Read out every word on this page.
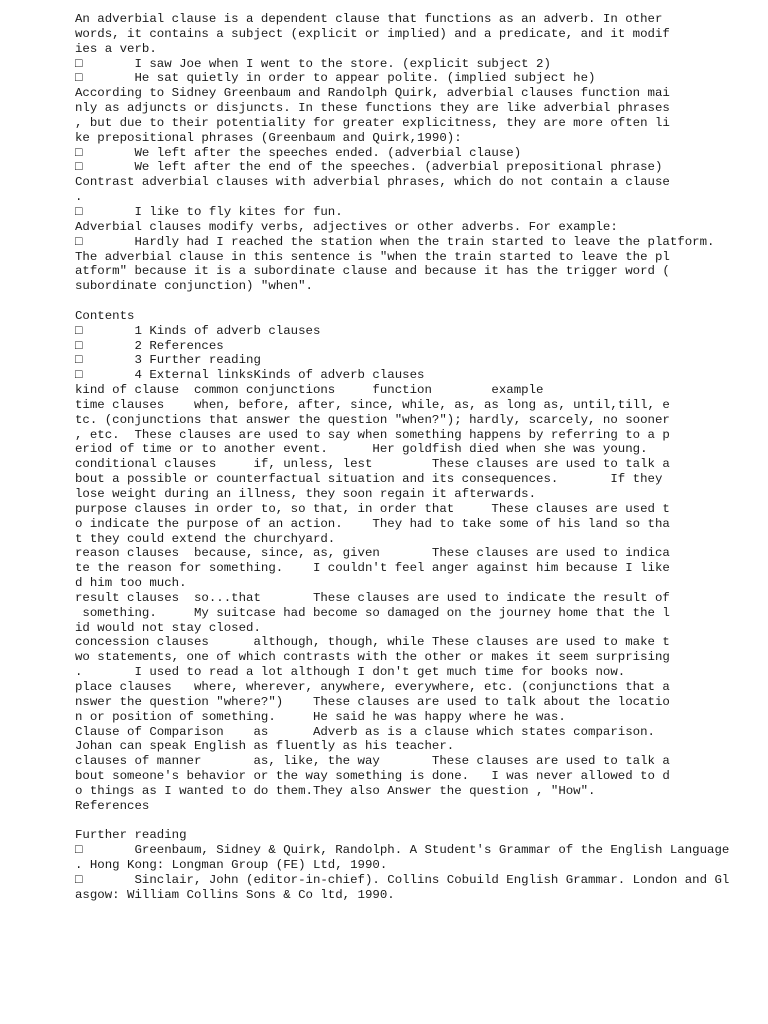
An adverbial clause is a dependent clause that functions as an adverb. In other
words, it contains a subject (explicit or implied) and a predicate, and it modif
ies a verb.
□       I saw Joe when I went to the store. (explicit subject 2)
□       He sat quietly in order to appear polite. (implied subject he)
According to Sidney Greenbaum and Randolph Quirk, adverbial clauses function mai
nly as adjuncts or disjuncts. In these functions they are like adverbial phrases
, but due to their potentiality for greater explicitness, they are more often li
ke prepositional phrases (Greenbaum and Quirk,1990):
□       We left after the speeches ended. (adverbial clause)
□       We left after the end of the speeches. (adverbial prepositional phrase)
Contrast adverbial clauses with adverbial phrases, which do not contain a clause
.
□       I like to fly kites for fun.
Adverbial clauses modify verbs, adjectives or other adverbs. For example:
□       Hardly had I reached the station when the train started to leave the platform.
The adverbial clause in this sentence is "when the train started to leave the pl
atform" because it is a subordinate clause and because it has the trigger word (
subordinate conjunction) "when".
Contents
□       1 Kinds of adverb clauses
□       2 References
□       3 Further reading
□       4 External linksKinds of adverb clauses
kind of clause  common conjunctions     function        example
time clauses    when, before, after, since, while, as, as long as, until,till, e
tc. (conjunctions that answer the question "when?"); hardly, scarcely, no sooner
, etc.  These clauses are used to say when something happens by referring to a p
eriod of time or to another event.      Her goldfish died when she was young.
conditional clauses     if, unless, lest        These clauses are used to talk a
bout a possible or counterfactual situation and its consequences.       If they
lose weight during an illness, they soon regain it afterwards.
purpose clauses in order to, so that, in order that     These clauses are used t
o indicate the purpose of an action.    They had to take some of his land so tha
t they could extend the churchyard.
reason clauses  because, since, as, given       These clauses are used to indica
te the reason for something.    I couldn't feel anger against him because I like
d him too much.
result clauses  so...that       These clauses are used to indicate the result of
something.     My suitcase had become so damaged on the journey home that the l
id would not stay closed.
concession clauses      although, though, while These clauses are used to make t
wo statements, one of which contrasts with the other or makes it seem surprising
.       I used to read a lot although I don't get much time for books now.
place clauses   where, wherever, anywhere, everywhere, etc. (conjunctions that a
nswer the question "where?")    These clauses are used to talk about the locatio
n or position of something.     He said he was happy where he was.
Clause of Comparison    as      Adverb as is a clause which states comparison.
Johan can speak English as fluently as his teacher.
clauses of manner       as, like, the way       These clauses are used to talk a
bout someone's behavior or the way something is done.   I was never allowed to d
o things as I wanted to do them.They also Answer the question , "How".
References
Further reading
□       Greenbaum, Sidney & Quirk, Randolph. A Student's Grammar of the English Language
. Hong Kong: Longman Group (FE) Ltd, 1990.
□       Sinclair, John (editor-in-chief). Collins Cobuild English Grammar. London and Gl
asgow: William Collins Sons & Co ltd, 1990.
